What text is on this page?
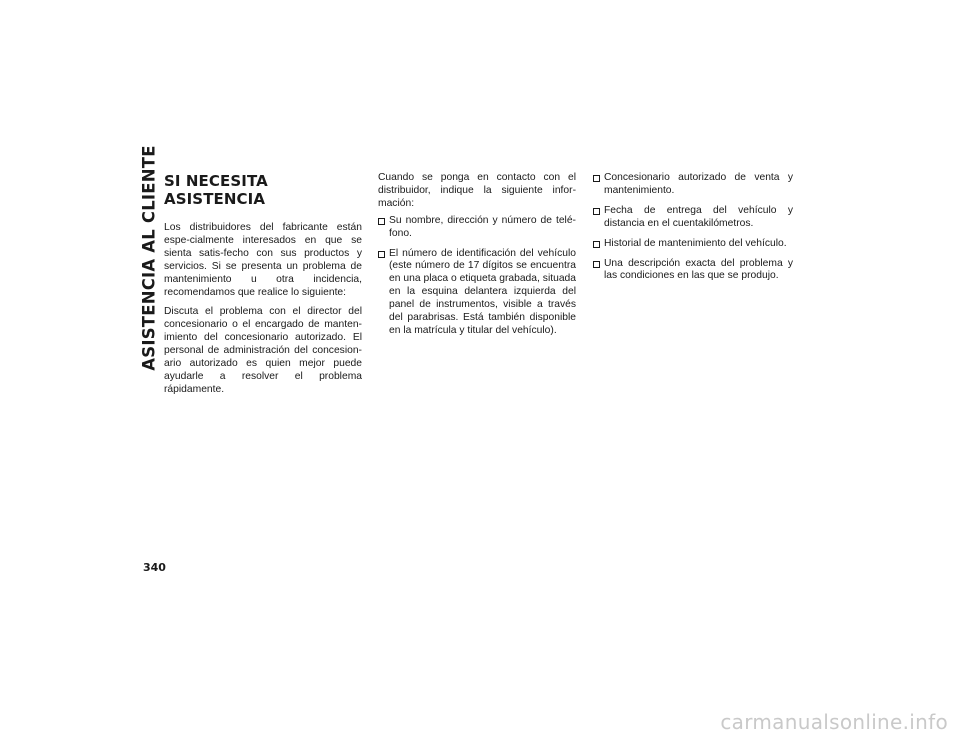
ASISTENCIA AL CLIENTE
340
SI NECESITA ASISTENCIA

Los distribuidores del fabricante están espe-cialmente interesados en que se sienta satis-fecho con sus productos y servicios. Si se presenta un problema de mantenimiento u otra incidencia, recomendamos que realice lo siguiente:

Discuta el problema con el director del concesionario o el encargado de manten-imiento del concesionario autorizado. El personal de administración del concesion-ario autorizado es quien mejor puede ayudarle a resolver el problema rápidamente.

Cuando se ponga en contacto con el distribuidor, indique la siguiente infor-mación:

Su nombre, dirección y número de telé-fono.
El número de identificación del vehículo (este número de 17 dígitos se encuentra en una placa o etiqueta grabada, situada en la esquina delantera izquierda del panel de instrumentos, visible a través del parabrisas. Está también disponible en la matrícula y titular del vehículo).
Concesionario autorizado de venta y mantenimiento.
Fecha de entrega del vehículo y distancia en el cuentakilómetros.
Historial de mantenimiento del vehículo.
Una descripción exacta del problema y las condiciones en las que se produjo.
carmanualsonline.info
